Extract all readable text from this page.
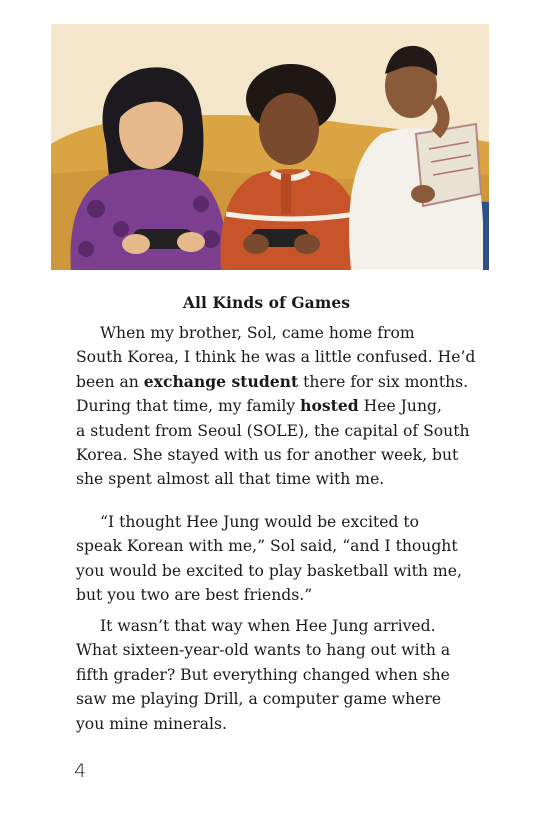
All Kinds of Games

When my brother, Sol, came home from
South Korea, I think he was a little confused. He’d
been an exchange student there for six months.
During that time, my family hosted Hee Jung,
a student from Seoul (SOLE), the capital of South
Korea. She stayed with us for another week, but
she spent almost all that time with me.

“I thought Hee Jung would be excited to
speak Korean with me,” Sol said, “and I thought
you would be excited to play basketball with me,
but you two are best friends.”

It wasn’t that way when Hee Jung arrived.
What sixteen-year-old wants to hang out with a
fifth grader? But everything changed when she
saw me playing Drill, a computer game where
you mine minerals.

4
